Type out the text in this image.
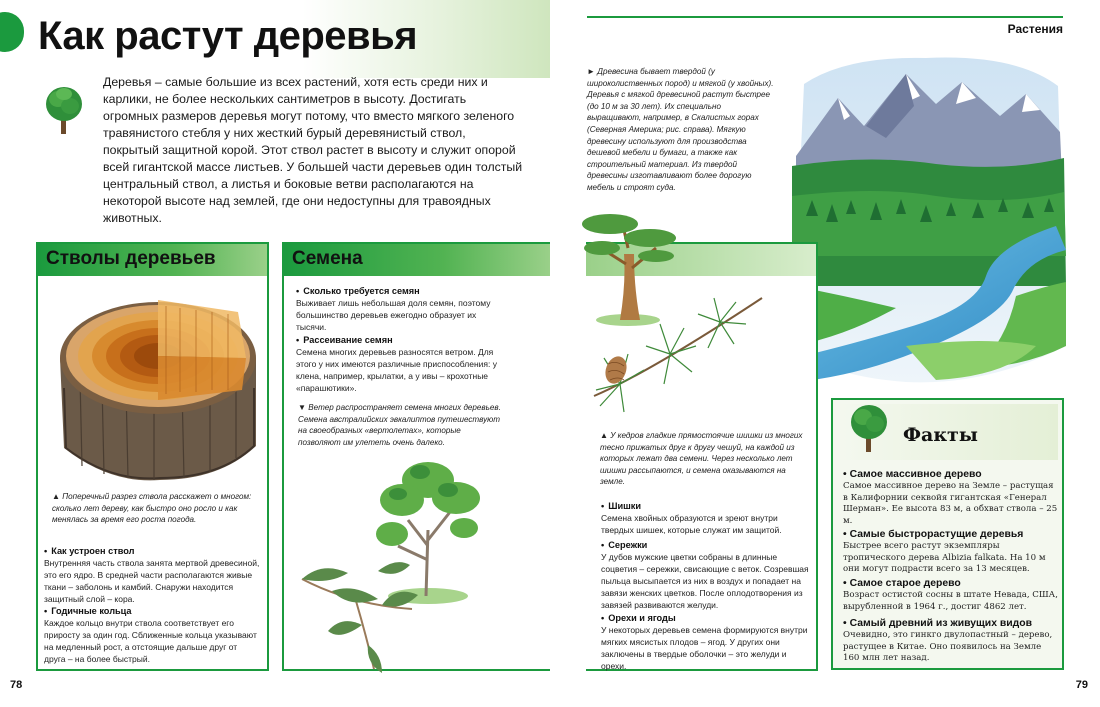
Как растут деревья

Деревья – самые большие из всех растений, хотя есть среди них и карлики, не более нескольких сантиметров в высоту. Достигать огромных размеров деревья могут потому, что вместо мягкого зеленого травянистого стебля у них жесткий бурый деревянистый ствол, покрытый защитной корой. Этот ствол растет в высоту и служит опорой всей гигантской массе листьев. У большей части деревьев один толстый центральный ствол, а листья и боковые ветви располагаются на некоторой высоте над землей, где они недоступны для травоядных животных.

Растения

► Древесина бывает твердой (у широколиственных пород) и мягкой (у хвойных). Деревья с мягкой древесиной растут быстрее (до 10 м за 30 лет). Их специально выращивают, например, в Скалистых горах (Северная Америка; рис. справа). Мягкую древесину используют для производства дешевой мебели и бумаги, а также как строительный материал. Из твердой древесины изготавливают более дорогую мебель и строят суда.

Стволы деревьев

▲ Поперечный разрез ствола расскажет о многом: сколько лет дереву, как быстро оно росло и как менялась за время его роста погода.

• Как устроен ствол
Внутренняя часть ствола занята мертвой древесиной, это его ядро. В средней части располагаются живые ткани – заболонь и камбий. Снаружи находится защитный слой – кора.
• Годичные кольца
Каждое кольцо внутри ствола соответствует его приросту за один год. Сближенные кольца указывают на медленный рост, а отстоящие дальше друг от друга – на более быстрый.
Семена
• Сколько требуется семян
Выживает лишь небольшая доля семян, поэтому большинство деревьев ежегодно образует их тысячи.
• Рассеивание семян
Семена многих деревьев разносятся ветром. Для этого у них имеются различные приспособления: у клена, например, крылатки, а у ивы – крохотные «парашютики».

▼ Ветер распространяет семена многих деревьев. Семена австралийских эвкалиптов путешествуют на своеобразных «вертолетах», которые позволяют им улететь очень далеко.

▲ У кедров гладкие прямостоячие шишки из многих тесно прижатых друг к другу чешуй, на каждой из которых лежат два семени. Через несколько лет шишки рассыпаются, и семена оказываются на земле.

• Шишки
Семена хвойных образуются и зреют внутри твердых шишек, которые служат им защитой.
• Сережки
У дубов мужские цветки собраны в длинные соцветия – сережки, свисающие с веток. Созревшая пыльца высыпается из них в воздух и попадает на завязи женских цветков. После оплодотворения из завязей развиваются желуди.
• Орехи и ягоды
У некоторых деревьев семена формируются внутри мягких мясистых плодов – ягод. У других они заключены в твердые оболочки – это желуди и орехи.
Факты
• Самое массивное дерево
Самое массивное дерево на Земле – растущая в Калифорнии секвойя гигантская «Генерал Шерман». Ее высота 83 м, а обхват ствола – 25 м.
• Самые быстрорастущие деревья
Быстрее всего растут экземпляры тропического дерева Albizia falkata. На 10 м они могут подрасти всего за 13 месяцев.
• Самое старое дерево
Возраст остистой сосны в штате Невада, США, вырубленной в 1964 г., достиг 4862 лет.
• Самый древний из живущих видов
Очевидно, это гинкго двулопастный – дерево, растущее в Китае. Оно появилось на Земле 160 млн лет назад.
78	79
